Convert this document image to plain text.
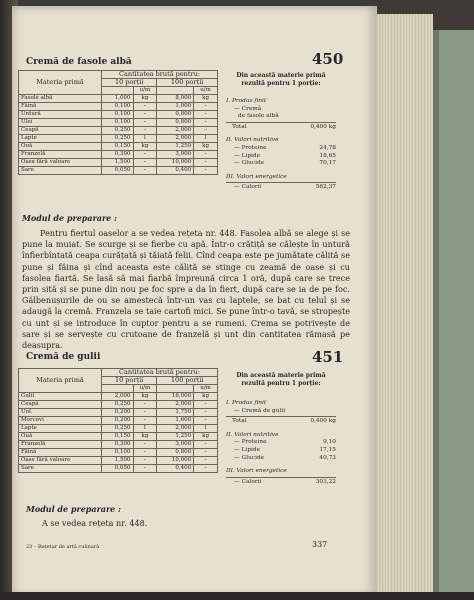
Cremă de fasole albă	450
Materia primă	Cantitatea brută pentru:			
	10 porții		100 porții	
		u/m		u/m
Fasole albă	1,000	kg	8,000	kg
Făină	0,100	–	1,000	–
Untură	0,100	–	0,800	–
Ulei	0,100	–	0,800	–
Ceapă	0,250	–	2,000	–
Lapte	0,250	l	2,000	l
Ouă	0,150	kg	1,250	kg
Franzelă	0,300	–	3,000	–
Oase fără valoare	1,500	–	10,000	–
Sare	0,050	–	0,400	–
Din această materie primă rezultă pentru 1 porție:
I. Produs finit
— Cremă
de fasole albă
Total	0,400 kg
II. Valori nutritive
— Proteine	24,78
— Lipide	18,65
— Glucide	70,17
III. Valori energetice
— Calorii	562,37
Modul de preparare :
Pentru fiertul oaselor a se vedea rețeta nr. 448. Fasolea albă se alege și se pune la muiat. Se scurge și se fierbe cu apă. Într-o crătiță se călește în untură înfierbîntată ceapa curățată și tăiată felii. Cînd ceapa este pe jumătate călită se pune și făina și cînd aceasta este călită se stinge cu zeamă de oase și cu fasolea fiartă. Se lasă să mai fiarbă împreună circa 1 oră, după care se trece prin sită și se pune din nou pe foc spre a da în fiert, după care se ia de pe foc. Gălbenușurile de ou se amestecă într-un vas cu laptele, se bat cu telul și se adaugă la cremă. Franzela se taie cartofi mici. Se pune într-o tavă, se stropește cu unt și se introduce în cuptor pentru a se rumeni. Crema se potrivește de sare și se servește cu crutoane de franzelă și unt din cantitatea rămasă pe deasupra.
Cremă de gulii	451
Materia primă	Cantitatea brută pentru:			
	10 porții		100 porții	
		u/m		u/m
Gulii	2,000	kg	16,000	kg
Ceapă	0,250	–	2,000	–
Unt	0,200	–	1,750	–
Morcovi	0,200	–	1,600	–
Lapte	0,250	l	2,000	l
Ouă	0,150	kg	1,250	kg
Franzelă	0,300	–	3,000	–
Făină	0,100	–	0,800	–
Oase fără valoare	1,500	–	10,000	–
Sare	0,050	–	0,400	–
Din această materie primă rezultă pentru 1 porție:
I. Produs finit
— Cremă de gulii
Total	0,400 kg
II. Valori nutritive
— Proteine	9,10
— Lipide	17,15
— Glucide	40,73
III. Valori energetice
— Calorii	303,22
Modul de preparare :
A se vedea rețeta nr. 448.
23 – Rețetar de artă culinară	337
